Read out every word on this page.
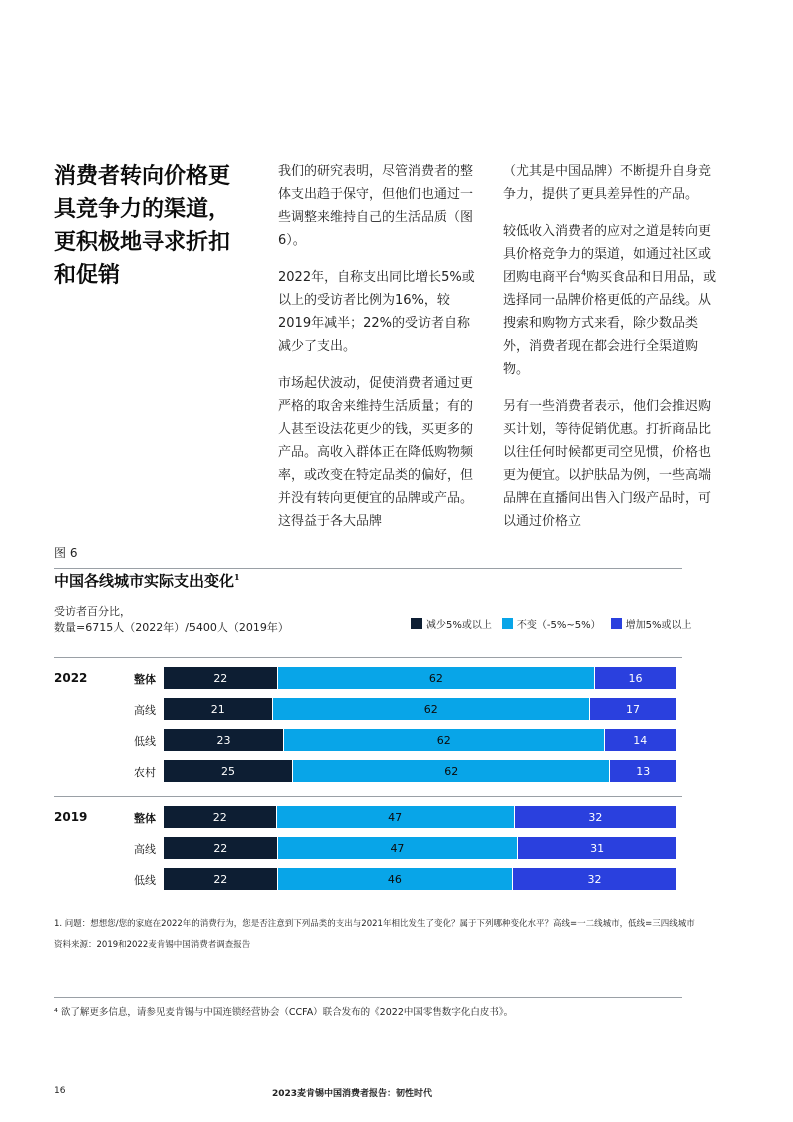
消费者转向价格更具竞争力的渠道，更积极地寻求折扣和促销

我们的研究表明，尽管消费者的整体支出趋于保守，但他们也通过一些调整来维持自己的生活品质（图6）。

2022年，自称支出同比增长5%或以上的受访者比例为16%，较2019年减半；22%的受访者自称减少了支出。

市场起伏波动，促使消费者通过更严格的取舍来维持生活质量；有的人甚至设法花更少的钱，买更多的产品。高收入群体正在降低购物频率，或改变在特定品类的偏好，但并没有转向更便宜的品牌或产品。这得益于各大品牌

（尤其是中国品牌）不断提升自身竞争力，提供了更具差异性的产品。

较低收入消费者的应对之道是转向更具价格竞争力的渠道，如通过社区或团购电商平台$^4$购买食品和日用品，或选择同一品牌价格更低的产品线。从搜索和购物方式来看，除少数品类外，消费者现在都会进行全渠道购物。

另有一些消费者表示，他们会推迟购买计划，等待促销优惠。打折商品比以往任何时候都更司空见惯，价格也更为便宜。以护肤品为例，一些高端品牌在直播间出售入门级产品时，可以通过价格立

图 6
中国各线城市实际支出变化$^1$
受访者百分比，
数量=6715人（2022年）/5400人（2019年）	减少5%或以上	不变（-5%~5%）	增加5%或以上
2022	整体	22	62	16
高线	21	62	17
低线	23	62	14
农村	25	62	13
2019	整体	22	47	32
高线	22	47	31
低线	22	46	32
1. 问题：想想您/您的家庭在2022年的消费行为，您是否注意到下列品类的支出与2021年相比发生了变化？属于下列哪种变化水平？高线=一二线城市，低线=三四线城市
资料来源：2019和2022麦肯锡中国消费者调查报告
⁴ 欲了解更多信息，请参见麦肯锡与中国连锁经营协会（CCFA）联合发布的《2022中国零售数字化白皮书》。
16	2023麦肯锡中国消费者报告：韧性时代
